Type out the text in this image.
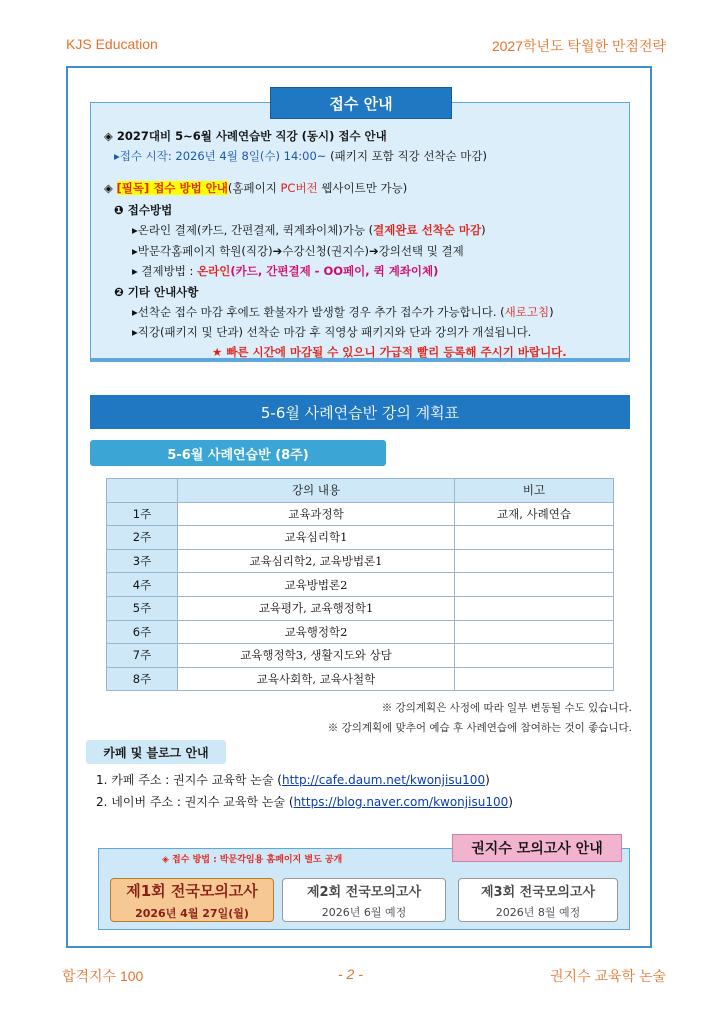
KJS Education	2027학년도 탁월한 만점전략
접수 안내
◈ 2027대비 5~6월 사례연습반 직강 (동시) 접수 안내
▸접수 시작: 2026년 4월 8일(수) 14:00~ (패키지 포함 직강 선착순 마감)
◈ [필독] 접수 방법 안내(홈페이지 PC버전 웹사이트만 가능)
❶ 접수방법
▸온라인 결제(카드, 간편결제, 퀵계좌이체)가능 (결제완료 선착순 마감)
▸박문각홈페이지 학원(직강)➔수강신청(권지수)➔강의선택 및 결제
▸ 결제방법 : 온라인(카드, 간편결제 - OO페이, 퀵 계좌이체)
❷ 기타 안내사항
▸선착순 접수 마감 후에도 환불자가 발생할 경우 추가 접수가 가능합니다. (새로고침)
▸직강(패키지 및 단과) 선착순 마감 후 직영상 패키지와 단과 강의가 개설됩니다.
★ 빠른 시간에 마감될 수 있으니 가급적 빨리 등록해 주시기 바랍니다.
5-6월 사례연습반 강의 계획표
5-6월 사례연습반 (8주)
	강의 내용	비고
1주	교육과정학	교재, 사례연습
2주	교육심리학1	
3주	교육심리학2, 교육방법론1	
4주	교육방법론2	
5주	교육평가, 교육행정학1	
6주	교육행정학2	
7주	교육행정학3, 생활지도와 상담	
8주	교육사회학, 교육사철학	
※ 강의계획은 사정에 따라 일부 변동될 수도 있습니다.
※ 강의계획에 맞추어 예습 후 사례연습에 참여하는 것이 좋습니다.
카페 및 블로그 안내
1. 카페 주소 : 권지수 교육학 논술 (http://cafe.daum.net/kwonjisu100)
2. 네이버 주소 : 권지수 교육학 논술 (https://blog.naver.com/kwonjisu100)
권지수 모의고사 안내
◈ 접수 방법 : 박문각임용 홈페이지 별도 공개
제1회 전국모의고사
2026년 4월 27일(월)
제2회 전국모의고사
2026년 6월 예정
제3회 전국모의고사
2026년 8월 예정
합격지수 100	- 2 -	권지수 교육학 논술
